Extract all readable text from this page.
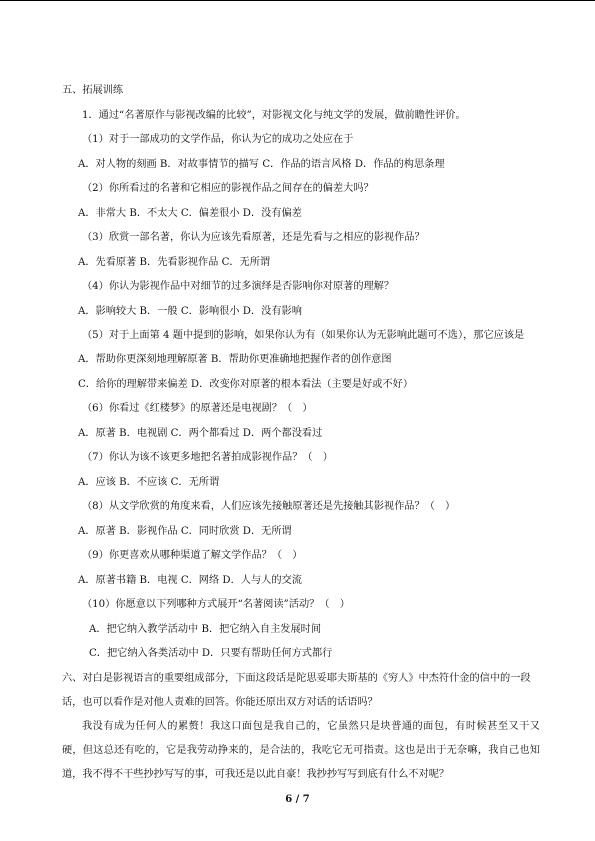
五、拓展训练
1．通过“名著原作与影视改编的比较”，对影视文化与纯文学的发展，做前瞻性评价。
（1）对于一部成功的文学作品，你认为它的成功之处应在于
A．对人物的刻画 B．对故事情节的描写 C．作品的语言风格 D．作品的构思条理
（2）你所看过的名著和它相应的影视作品之间存在的偏差大吗？
A．非常大 B．不太大 C．偏差很小 D．没有偏差
（3）欣赏一部名著，你认为应该先看原著，还是先看与之相应的影视作品？
A．先看原著 B．先看影视作品 C．无所谓
（4）你认为影视作品中对细节的过多演绎是否影响你对原著的理解？
A．影响较大 B．一般 C．影响很小 D．没有影响
（5）对于上面第 4 题中提到的影响，如果你认为有（如果你认为无影响此题可不选），那它应该是
A．帮助你更深刻地理解原著 B．帮助你更准确地把握作者的创作意图
C．给你的理解带来偏差 D．改变你对原著的根本看法（主要是好或不好）
（6）你看过《红楼梦》的原著还是电视剧？（　）
A．原著 B．电视剧 C．两个都看过 D．两个都没看过
（7）你认为该不该更多地把名著拍成影视作品？（　）
A．应该 B．不应该 C．无所谓
（8）从文学欣赏的角度来看，人们应该先接触原著还是先接触其影视作品？（　）
A．原著 B．影视作品 C．同时欣赏 D．无所谓
（9）你更喜欢从哪种渠道了解文学作品？（　）
A．原著书籍 B．电视 C．网络 D．人与人的交流
（10）你愿意以下列哪种方式展开“名著阅读”活动？（　）
A．把它纳入教学活动中 B．把它纳入自主发展时间
C．把它纳入各类活动中 D．只要有帮助任何方式都行
六、对白是影视语言的重要组成部分，下面这段话是陀思妥耶夫斯基的《穷人》中杰符什金的信中的一段话，也可以看作是对他人责难的回答。你能还原出双方对话的话语吗？
我没有成为任何人的累赘！我这口面包是我自己的，它虽然只是块普通的面包，有时候甚至又干又硬，但这总还有吃的，它是我劳动挣来的，是合法的，我吃它无可指责。这也是出于无奈嘛，我自己也知道，我不得不干些抄抄写写的事，可我还是以此自豪！我抄抄写写到底有什么不对呢？
6 / 7
